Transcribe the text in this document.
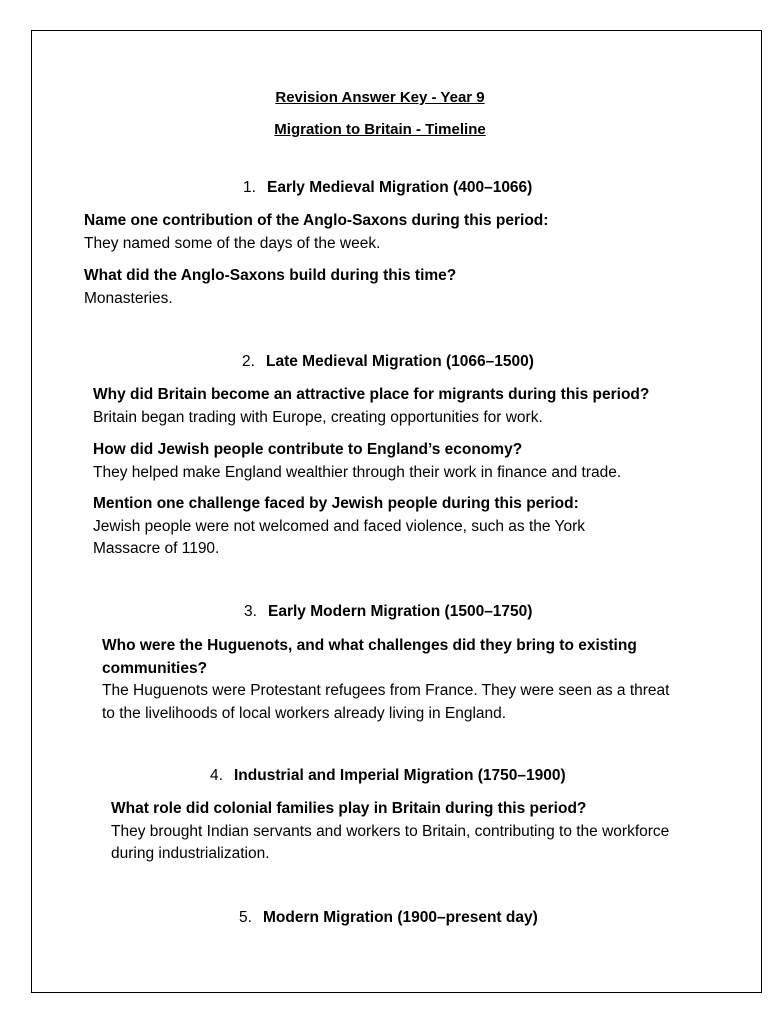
Revision Answer Key - Year 9
Migration to Britain - Timeline
1. Early Medieval Migration (400–1066)
Name one contribution of the Anglo-Saxons during this period:
They named some of the days of the week.
What did the Anglo-Saxons build during this time?
Monasteries.
2. Late Medieval Migration (1066–1500)
Why did Britain become an attractive place for migrants during this period?
Britain began trading with Europe, creating opportunities for work.
How did Jewish people contribute to England’s economy?
They helped make England wealthier through their work in finance and trade.
Mention one challenge faced by Jewish people during this period:
Jewish people were not welcomed and faced violence, such as the York Massacre of 1190.
3. Early Modern Migration (1500–1750)
Who were the Huguenots, and what challenges did they bring to existing communities?
The Huguenots were Protestant refugees from France. They were seen as a threat to the livelihoods of local workers already living in England.
4. Industrial and Imperial Migration (1750–1900)
What role did colonial families play in Britain during this period?
They brought Indian servants and workers to Britain, contributing to the workforce during industrialization.
5. Modern Migration (1900–present day)
